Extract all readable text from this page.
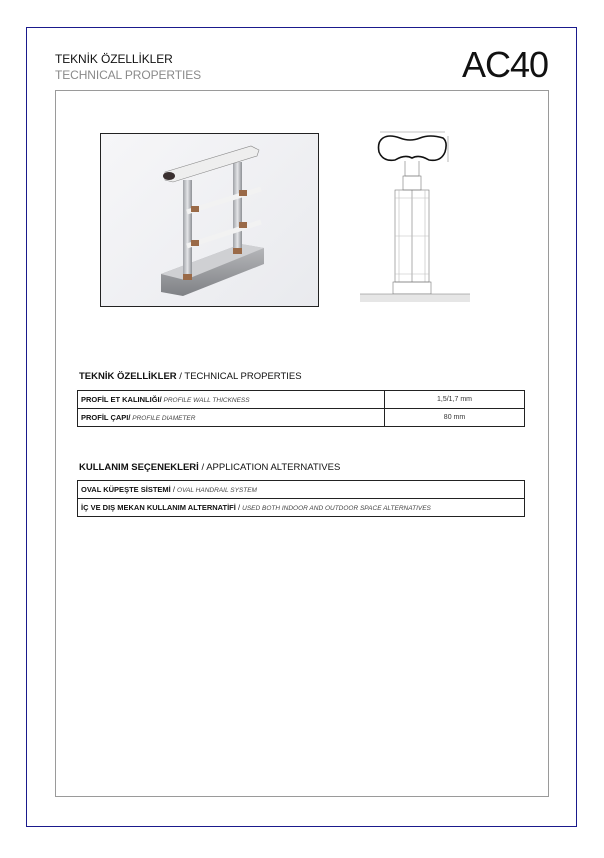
TEKNİK ÖZELLİKLER
TECHNICAL PROPERTIES	AC40
TEKNİK ÖZELLİKLER / TECHNICAL PROPERTIES
PROFİL ET KALINLIĞI/ PROFILE WALL THICKNESS	1,5/1,7 mm
PROFİL ÇAPI/ PROFILE DIAMETER	80 mm
KULLANIM SEÇENEKLERİ / APPLICATION ALTERNATIVES
OVAL KÜPEŞTE SİSTEMİ / OVAL HANDRAIL SYSTEM
İÇ VE DIŞ MEKAN KULLANIM ALTERNATİFİ / USED BOTH INDOOR AND OUTDOOR SPACE ALTERNATIVES
